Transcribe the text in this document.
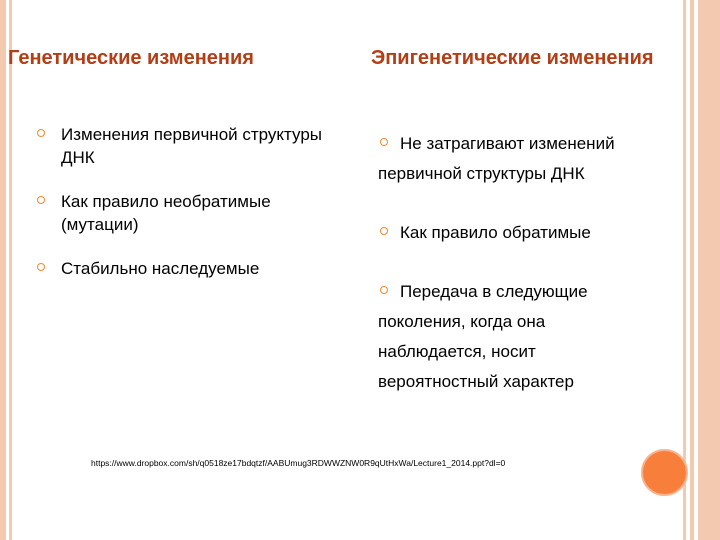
Генетические изменения	Эпигенетические изменения
Изменения первичной структуры ДНК
Как правило необратимые (мутации)
Стабильно наследуемые
Не затрагивают изменений первичной структуры ДНК
Как правило обратимые
Передача в следующие поколения, когда она наблюдается, носит вероятностный характер
https://www.dropbox.com/sh/q0518ze17bdqtzf/AABUmug3RDWWZNW0R9qUtHxWa/Lecture1_2014.ppt?dl=0
